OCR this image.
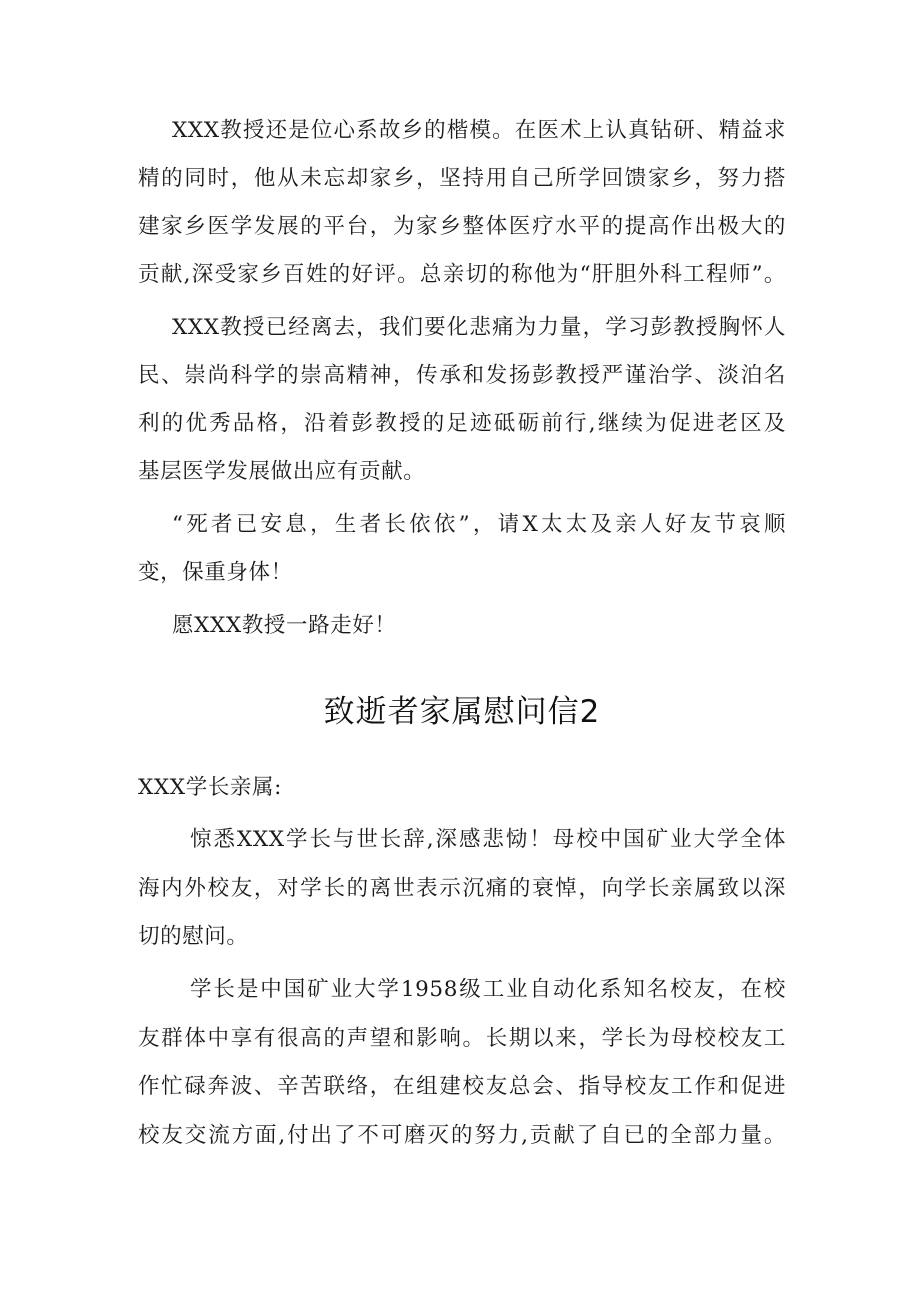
XXX教授还是位心系故乡的楷模。在医术上认真钻研、精益求
精的同时，他从未忘却家乡，坚持用自己所学回馈家乡，努力搭
建家乡医学发展的平台，为家乡整体医疗水平的提高作出极大的
贡献,深受家乡百姓的好评。总亲切的称他为“肝胆外科工程师”。
XXX教授已经离去，我们要化悲痛为力量，学习彭教授胸怀人
民、崇尚科学的崇高精神，传承和发扬彭教授严谨治学、淡泊名
利的优秀品格，沿着彭教授的足迹砥砺前行,继续为促进老区及
基层医学发展做出应有贡献。
“死者已安息，生者长依依”，请X太太及亲人好友节哀顺
变，保重身体！
愿XXX教授一路走好！
致逝者家属慰问信2
XXX学长亲属:
惊悉XXX学长与世长辞,深感悲恸！母校中国矿业大学全体
海内外校友，对学长的离世表示沉痛的衰悼，向学长亲属致以深
切的慰问。
学长是中国矿业大学1958级工业自动化系知名校友，在校
友群体中享有很高的声望和影响。长期以来，学长为母校校友工
作忙碌奔波、辛苦联络，在组建校友总会、指导校友工作和促进
校友交流方面,付出了不可磨灭的努力,贡献了自已的全部力量。
